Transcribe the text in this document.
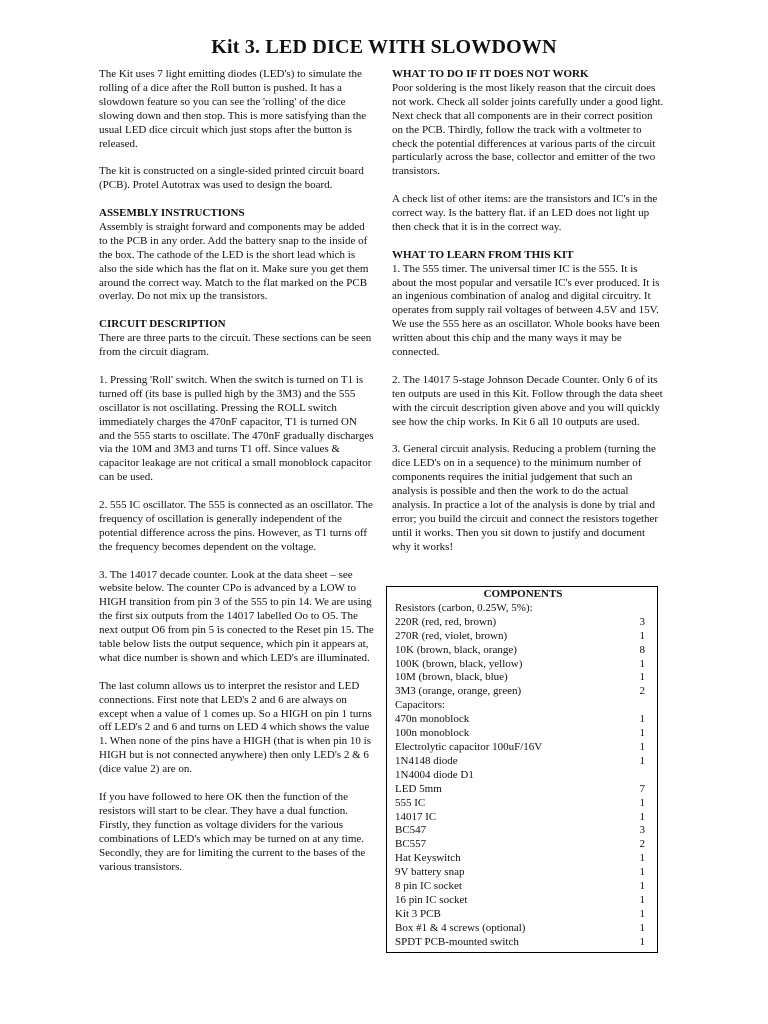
Kit 3. LED DICE WITH SLOWDOWN

The Kit uses 7 light emitting diodes (LED's) to simulate the rolling of a dice after the Roll button is pushed. It has a slowdown feature so you can see the 'rolling' of the dice slowing down and then stop. This is more satisfying than the usual LED dice circuit which just stops after the button is released.

The kit is constructed on a single-sided printed circuit board (PCB). Protel Autotrax was used to design the board.

ASSEMBLY INSTRUCTIONS

Assembly is straight forward and components may be added to the PCB in any order. Add the battery snap to the inside of the box. The cathode of the LED is the short lead which is also the side which has the flat on it. Make sure you get them around the correct way. Match to the flat marked on the PCB overlay. Do not mix up the transistors.

CIRCUIT DESCRIPTION

There are three parts to the circuit. These sections can be seen from the circuit diagram.

1. Pressing 'Roll' switch. When the switch is turned on T1 is turned off (its base is pulled high by the 3M3) and the 555 oscillator is not oscillating. Pressing the ROLL switch immediately charges the 470nF capacitor, T1 is turned ON and the 555 starts to oscillate. The 470nF gradually discharges via the 10M and 3M3 and turns T1 off. Since values & capacitor leakage are not critical a small monoblock capacitor can be used.

2. 555 IC oscillator. The 555 is connected as an oscillator. The frequency of oscillation is generally independent of the potential difference across the pins. However, as T1 turns off the frequency becomes dependent on the voltage.

3. The 14017 decade counter. Look at the data sheet – see website below. The counter CPo is advanced by a LOW to HIGH transition from pin 3 of the 555 to pin 14. We are using the first six outputs from the 14017 labelled Oo to O5. The next output O6 from pin 5 is conected to the Reset pin 15. The table below lists the output sequence, which pin it appears at, what dice number is shown and which LED's are illuminated.

The last column allows us to interpret the resistor and LED connections. First note that LED's 2 and 6 are always on except when a value of 1 comes up. So a HIGH on pin 1 turns off LED's 2 and 6 and turns on LED 4 which shows the value 1. When none of the pins have a HIGH (that is when pin 10 is HIGH but is not connected anywhere) then only LED's 2 & 6 (dice value 2) are on.

If you have followed to here OK then the function of the resistors will start to be clear. They have a dual function. Firstly, they function as voltage dividers for the various combinations of LED's which may be turned on at any time. Secondly, they are for limiting the current to the bases of the various transistors.

WHAT TO DO IF IT DOES NOT WORK

Poor soldering is the most likely reason that the circuit does not work. Check all solder joints carefully under a good light. Next check that all components are in their correct position on the PCB. Thirdly, follow the track with a voltmeter to check the potential differences at various parts of the circuit particularly across the base, collector and emitter of the two transistors.

A check list of other items: are the transistors and IC's in the correct way. Is the battery flat. if an LED does not light up then check that it is in the correct way.

WHAT TO LEARN FROM THIS KIT

1. The 555 timer. The universal timer IC is the 555. It is about the most popular and versatile IC's ever produced. It is an ingenious combination of analog and digital circuitry. It operates from supply rail voltages of between 4.5V and 15V. We use the 555 here as an oscillator. Whole books have been written about this chip and the many ways it may be connected.

2. The 14017 5-stage Johnson Decade Counter. Only 6 of its ten outputs are used in this Kit. Follow through the data sheet with the circuit description given above and you will quickly see how the chip works. In Kit 6 all 10 outputs are used.

3. General circuit analysis. Reducing a problem (turning the dice LED's on in a sequence) to the minimum number of components requires the initial judgement that such an analysis is possible and then the work to do the actual analysis. In practice a lot of the analysis is done by trial and error; you build the circuit and connect the resistors together until it works. Then you sit down to justify and document why it works!

COMPONENTS
Resistors (carbon, 0.25W, 5%):
220R (red, red, brown)	3
270R (red, violet, brown)	1
10K (brown, black, orange)	8
100K (brown, black, yellow)	1
10M (brown, black, blue)	1
3M3 (orange, orange, green)	2
Capacitors:
470n monoblock	1
100n monoblock	1
Electrolytic capacitor 100uF/16V	1
1N4148 diode	1
1N4004 diode D1
LED 5mm	7
555 IC	1
14017 IC	1
BC547	3
BC557	2
Hat Keyswitch	1
9V battery snap	1
8 pin IC socket	1
16 pin IC socket	1
Kit 3 PCB	1
Box #1 & 4 screws (optional)	1
SPDT PCB-mounted switch	1
